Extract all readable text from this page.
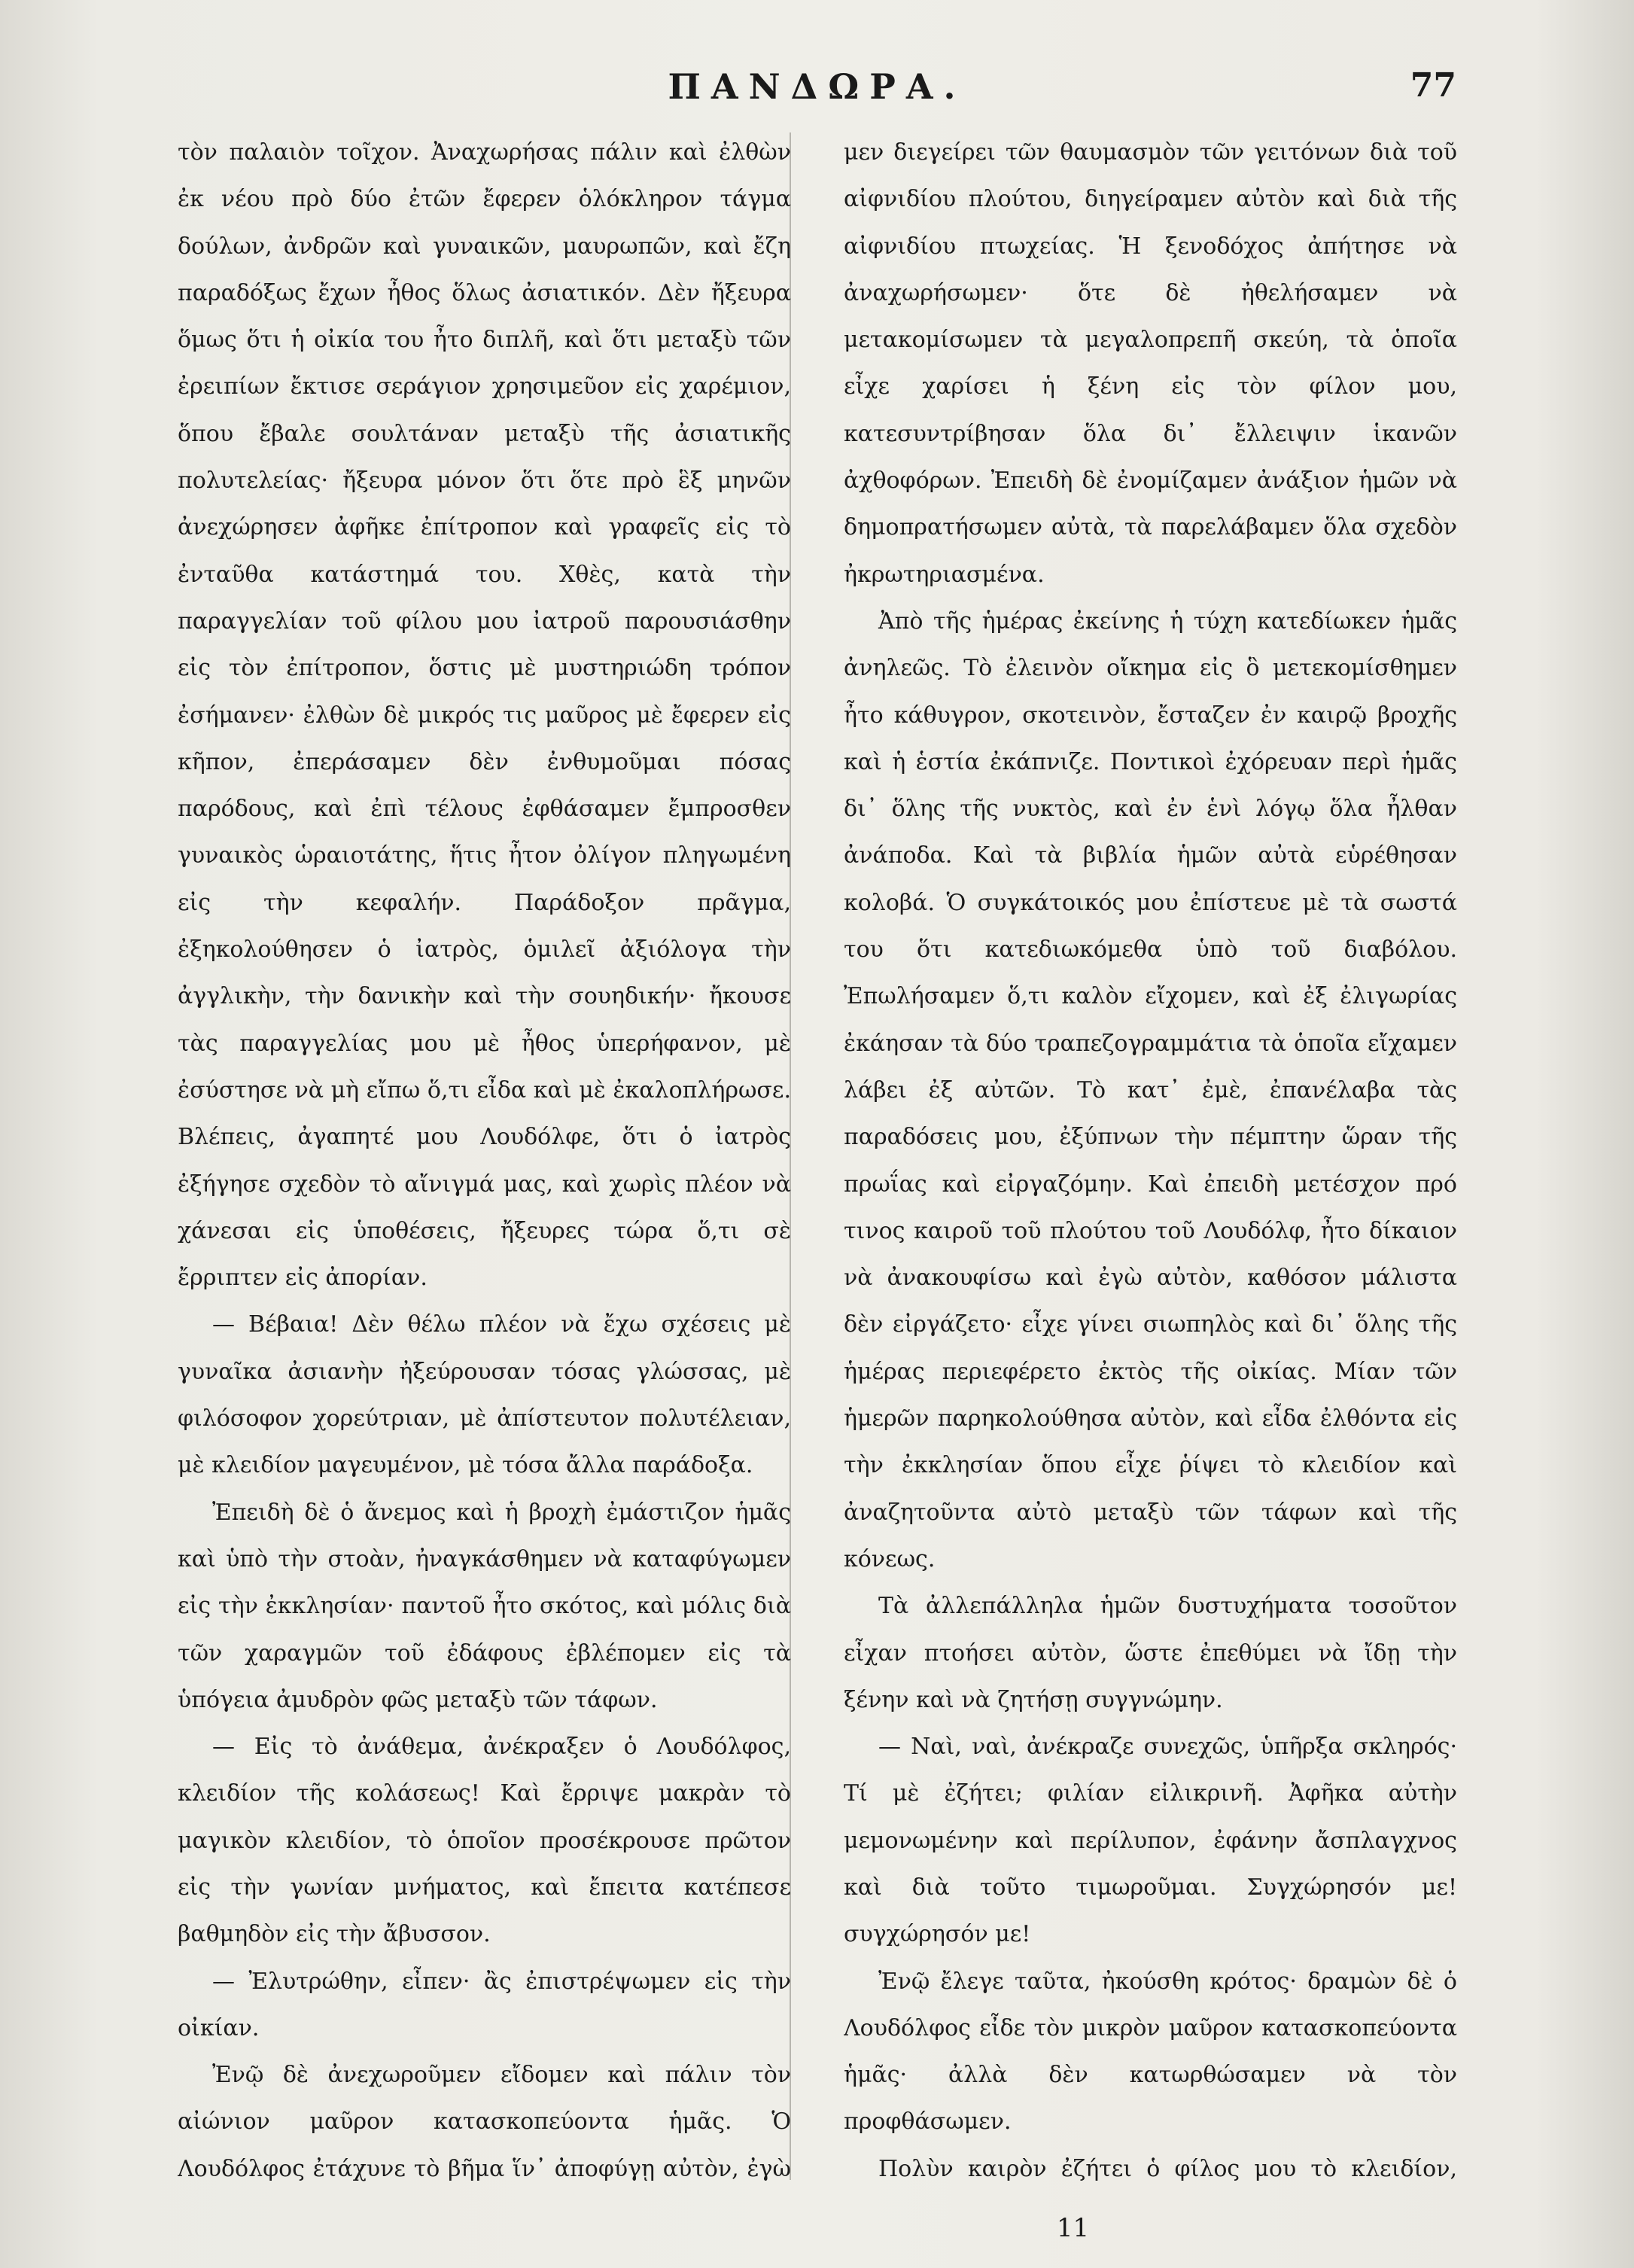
ΠΑΝΔΩΡΑ.	77

τὸν παλαιὸν τοῖχον. Ἀναχωρήσας πάλιν καὶ ἐλθὼν ἐκ νέου πρὸ δύο ἐτῶν ἔφερεν ὁλόκληρον τάγμα δούλων, ἀνδρῶν καὶ γυναικῶν, μαυρωπῶν, καὶ ἔζη παραδόξως ἔχων ἦθος ὅλως ἀσιατικόν. Δὲν ἤξευρα ὅμως ὅτι ἡ οἰκία του ἦτο διπλῆ, καὶ ὅτι μεταξὺ τῶν ἐρειπίων ἔκτισε σεράγιον χρησιμεῦον εἰς χαρέμιον, ὅπου ἔβαλε σουλτάναν μεταξὺ τῆς ἀσιατικῆς πολυτελείας· ἤξευρα μόνον ὅτι ὅτε πρὸ ἓξ μηνῶν ἀνεχώρησεν ἀφῆκε ἐπίτροπον καὶ γραφεῖς εἰς τὸ ἐνταῦθα κατάστημά του. Χθὲς, κατὰ τὴν παραγγελίαν τοῦ φίλου μου ἰατροῦ παρουσιάσθην εἰς τὸν ἐπίτροπον, ὅστις μὲ μυστηριώδη τρόπον ἐσήμανεν· ἐλθὼν δὲ μικρός τις μαῦρος μὲ ἔφερεν εἰς κῆπον, ἐπεράσαμεν δὲν ἐνθυμοῦμαι πόσας παρόδους, καὶ ἐπὶ τέλους ἐφθάσαμεν ἔμπροσθεν γυναικὸς ὡραιοτάτης, ἥτις ἦτον ὀλίγον πληγωμένη εἰς τὴν κεφαλήν. Παράδοξον πρᾶγμα, ἐξηκολούθησεν ὁ ἰατρὸς, ὁμιλεῖ ἀξιόλογα τὴν ἀγγλικὴν, τὴν δανικὴν καὶ τὴν σουηδικήν· ἤκουσε τὰς παραγγελίας μου μὲ ἦθος ὑπερήφανον, μὲ ἐσύστησε νὰ μὴ εἴπω ὅ,τι εἶδα καὶ μὲ ἐκαλοπλήρωσε. Βλέπεις, ἀγαπητέ μου Λουδόλφε, ὅτι ὁ ἰατρὸς ἐξήγησε σχεδὸν τὸ αἴνιγμά μας, καὶ χωρὶς πλέον νὰ χάνεσαι εἰς ὑποθέσεις, ἤξευρες τώρα ὅ,τι σὲ ἔρριπτεν εἰς ἀπορίαν.

— Βέβαια! Δὲν θέλω πλέον νὰ ἔχω σχέσεις μὲ γυναῖκα ἀσιανὴν ἠξεύρουσαν τόσας γλώσσας, μὲ φιλόσοφον χορεύτριαν, μὲ ἀπίστευτον πολυτέλειαν, μὲ κλειδίον μαγευμένον, μὲ τόσα ἄλλα παράδοξα.

Ἐπειδὴ δὲ ὁ ἄνεμος καὶ ἡ βροχὴ ἐμάστιζον ἡμᾶς καὶ ὑπὸ τὴν στοὰν, ἠναγκάσθημεν νὰ καταφύγωμεν εἰς τὴν ἐκκλησίαν· παντοῦ ἦτο σκότος, καὶ μόλις διὰ τῶν χαραγμῶν τοῦ ἐδάφους ἐβλέπομεν εἰς τὰ ὑπόγεια ἀμυδρὸν φῶς μεταξὺ τῶν τάφων.

— Εἰς τὸ ἀνάθεμα, ἀνέκραξεν ὁ Λουδόλφος, κλειδίον τῆς κολάσεως! Καὶ ἔρριψε μακρὰν τὸ μαγικὸν κλειδίον, τὸ ὁποῖον προσέκρουσε πρῶτον εἰς τὴν γωνίαν μνήματος, καὶ ἔπειτα κατέπεσε βαθμηδὸν εἰς τὴν ἄβυσσον.

— Ἐλυτρώθην, εἶπεν· ἂς ἐπιστρέψωμεν εἰς τὴν οἰκίαν.

Ἐνῷ δὲ ἀνεχωροῦμεν εἴδομεν καὶ πάλιν τὸν αἰώνιον μαῦρον κατασκοπεύοντα ἡμᾶς. Ὁ Λουδόλφος ἐτάχυνε τὸ βῆμα ἵν᾽ ἀποφύγῃ αὐτὸν, ἐγὼ

μεν διεγείρει τῶν θαυμασμὸν τῶν γειτόνων διὰ τοῦ αἰφνιδίου πλούτου, διηγείραμεν αὐτὸν καὶ διὰ τῆς αἰφνιδίου πτωχείας. Ἡ ξενοδόχος ἀπήτησε νὰ ἀναχωρήσωμεν· ὅτε δὲ ἠθελήσαμεν νὰ μετακομίσωμεν τὰ μεγαλοπρεπῆ σκεύη, τὰ ὁποῖα εἶχε χαρίσει ἡ ξένη εἰς τὸν φίλον μου, κατεσυντρίβησαν ὅλα δι᾽ ἔλλειψιν ἱκανῶν ἀχθοφόρων. Ἐπειδὴ δὲ ἐνομίζαμεν ἀνάξιον ἡμῶν νὰ δημοπρατήσωμεν αὐτὰ, τὰ παρελάβαμεν ὅλα σχεδὸν ἠκρωτηριασμένα.

Ἀπὸ τῆς ἡμέρας ἐκείνης ἡ τύχη κατεδίωκεν ἡμᾶς ἀνηλεῶς. Τὸ ἐλεινὸν οἴκημα εἰς ὃ μετεκομίσθημεν ἦτο κάθυγρον, σκοτεινὸν, ἔσταζεν ἐν καιρῷ βροχῆς καὶ ἡ ἑστία ἐκάπνιζε. Ποντικοὶ ἐχόρευαν περὶ ἡμᾶς δι᾽ ὅλης τῆς νυκτὸς, καὶ ἐν ἑνὶ λόγῳ ὅλα ἦλθαν ἀνάποδα. Καὶ τὰ βιβλία ἡμῶν αὐτὰ εὑρέθησαν κολοβά. Ὁ συγκάτοικός μου ἐπίστευε μὲ τὰ σωστά του ὅτι κατεδιωκόμεθα ὑπὸ τοῦ διαβόλου. Ἐπωλήσαμεν ὅ,τι καλὸν εἴχομεν, καὶ ἐξ ἐλιγωρίας ἐκάησαν τὰ δύο τραπεζογραμμάτια τὰ ὁποῖα εἴχαμεν λάβει ἐξ αὐτῶν. Τὸ κατ᾽ ἐμὲ, ἐπανέλαβα τὰς παραδόσεις μου, ἐξύπνων τὴν πέμπτην ὥραν τῆς πρωΐας καὶ εἰργαζόμην. Καὶ ἐπειδὴ μετέσχον πρό τινος καιροῦ τοῦ πλούτου τοῦ Λουδόλφ, ἦτο δίκαιον νὰ ἀνακουφίσω καὶ ἐγὼ αὐτὸν, καθόσον μάλιστα δὲν εἰργάζετο· εἶχε γίνει σιωπηλὸς καὶ δι᾽ ὅλης τῆς ἡμέρας περιεφέρετο ἐκτὸς τῆς οἰκίας. Μίαν τῶν ἡμερῶν παρηκολούθησα αὐτὸν, καὶ εἶδα ἐλθόντα εἰς τὴν ἐκκλησίαν ὅπου εἶχε ῥίψει τὸ κλειδίον καὶ ἀναζητοῦντα αὐτὸ μεταξὺ τῶν τάφων καὶ τῆς κόνεως.

Τὰ ἀλλεπάλληλα ἡμῶν δυστυχήματα τοσοῦτον εἶχαν πτοήσει αὐτὸν, ὥστε ἐπεθύμει νὰ ἴδῃ τὴν ξένην καὶ νὰ ζητήσῃ συγγνώμην.

— Ναὶ, ναὶ, ἀνέκραζε συνεχῶς, ὑπῆρξα σκληρός· Τί μὲ ἐζήτει; φιλίαν εἰλικρινῆ. Ἀφῆκα αὐτὴν μεμονωμένην καὶ περίλυπον, ἐφάνην ἄσπλαγχνος καὶ διὰ τοῦτο τιμωροῦμαι. Συγχώρησόν με! συγχώρησόν με!

Ἐνῷ ἔλεγε ταῦτα, ἠκούσθη κρότος· δραμὼν δὲ ὁ Λουδόλφος εἶδε τὸν μικρὸν μαῦρον κατασκοπεύοντα ἡμᾶς· ἀλλὰ δὲν κατωρθώσαμεν νὰ τὸν προφθάσωμεν.

Πολὺν καιρὸν ἐζήτει ὁ φίλος μου τὸ κλειδίον,

11
